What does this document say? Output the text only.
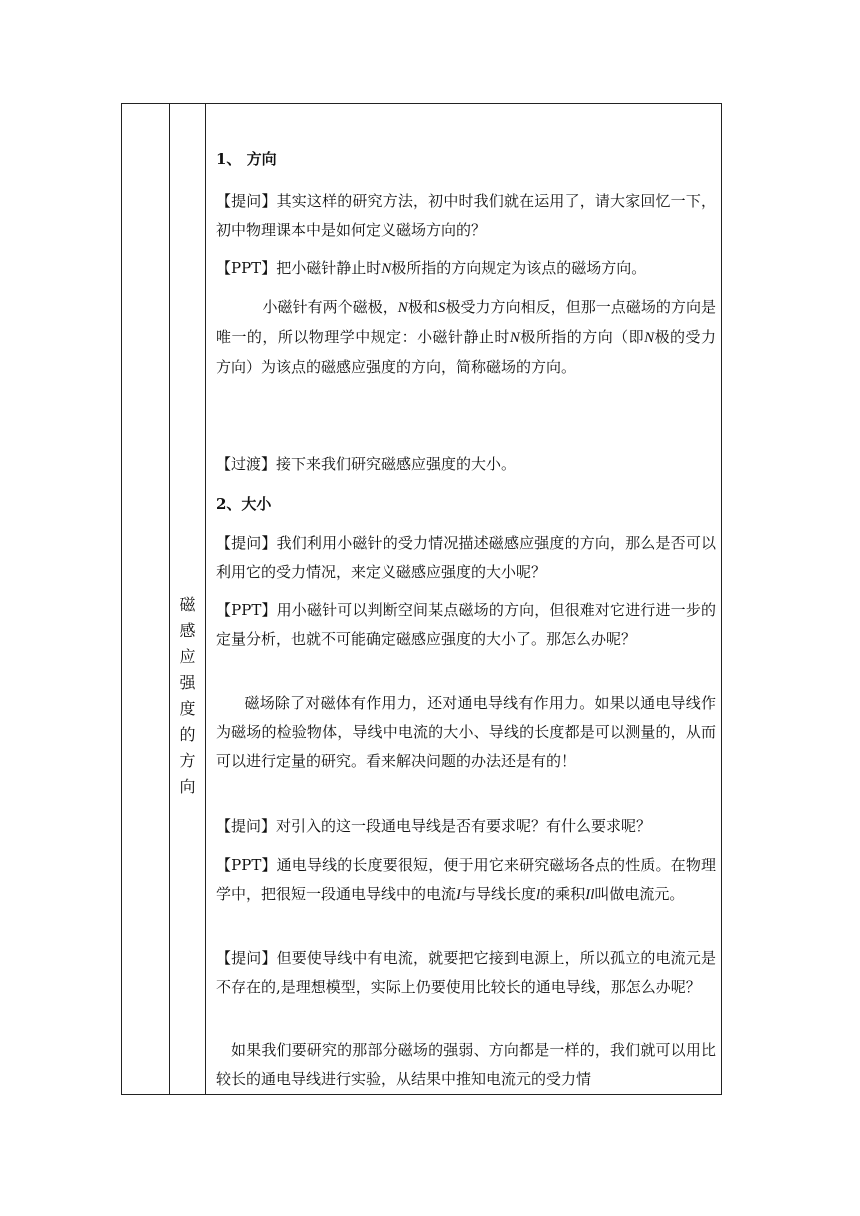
磁
感
应
强
度
的
方
向

1、 方向

【提问】其实这样的研究方法，初中时我们就在运用了，请大家回忆一下，初中物理课本中是如何定义磁场方向的？

【PPT】把小磁针静止时N极所指的方向规定为该点的磁场方向。

小磁针有两个磁极，N极和S极受力方向相反，但那一点磁场的方向是唯一的，所以物理学中规定：小磁针静止时N极所指的方向（即N极的受力方向）为该点的磁感应强度的方向，简称磁场的方向。

【过渡】接下来我们研究磁感应强度的大小。

2、大小

【提问】我们利用小磁针的受力情况描述磁感应强度的方向，那么是否可以利用它的受力情况，来定义磁感应强度的大小呢？

【PPT】用小磁针可以判断空间某点磁场的方向，但很难对它进行进一步的定量分析，也就不可能确定磁感应强度的大小了。那怎么办呢？

磁场除了对磁体有作用力，还对通电导线有作用力。如果以通电导线作为磁场的检验物体，导线中电流的大小、导线的长度都是可以测量的，从而可以进行定量的研究。看来解决问题的办法还是有的！

【提问】对引入的这一段通电导线是否有要求呢？有什么要求呢？

【PPT】通电导线的长度要很短，便于用它来研究磁场各点的性质。在物理学中，把很短一段通电导线中的电流I与导线长度l的乘积Il叫做电流元。

【提问】但要使导线中有电流，就要把它接到电源上，所以孤立的电流元是不存在的,是理想模型，实际上仍要使用比较长的通电导线，那怎么办呢？

如果我们要研究的那部分磁场的强弱、方向都是一样的，我们就可以用比较长的通电导线进行实验，从结果中推知电流元的受力情
